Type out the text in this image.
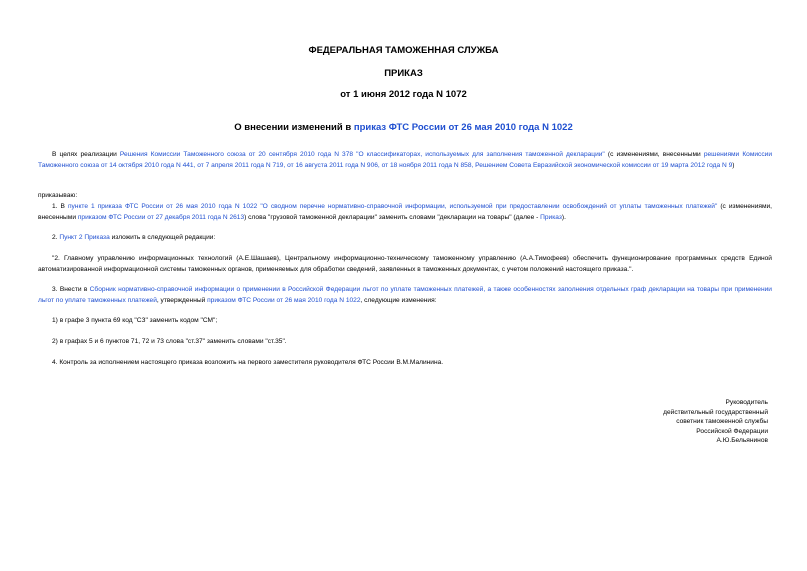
ФЕДЕРАЛЬНАЯ ТАМОЖЕННАЯ СЛУЖБА
ПРИКАЗ
от 1 июня 2012 года N 1072
О внесении изменений в приказ ФТС России от 26 мая 2010 года N 1022
В целях реализации Решения Комиссии Таможенного союза от 20 сентября 2010 года N 378 "О классификаторах, используемых для заполнения таможенной декларации" (с изменениями, внесенными решениями Комиссии Таможенного союза от 14 октября 2010 года N 441, от 7 апреля 2011 года N 719, от 16 августа 2011 года N 906, от 18 ноября 2011 года N 858, Решением Совета Евразийской экономической комиссии от 19 марта 2012 года N 9)
приказываю:
1. В пункте 1 приказа ФТС России от 26 мая 2010 года N 1022 "О сводном перечне нормативно-справочной информации, используемой при предоставлении освобождений от уплаты таможенных платежей" (с изменениями, внесенными приказом ФТС России от 27 декабря 2011 года N 2613) слова "грузовой таможенной декларации" заменить словами "декларации на товары" (далее - Приказ).
2. Пункт 2 Приказа изложить в следующей редакции:
"2. Главному управлению информационных технологий (А.Е.Шашаев), Центральному информационно-техническому таможенному управлению (А.А.Тимофеев) обеспечить функционирование программных средств Единой автоматизированной информационной системы таможенных органов, применяемых для обработки сведений, заявленных в таможенных документах, с учетом положений настоящего приказа.".
3. Внести в Сборник нормативно-справочной информации о применении в Российской Федерации льгот по уплате таможенных платежей, а также особенностях заполнения отдельных граф декларации на товары при применении льгот по уплате таможенных платежей, утвержденный приказом ФТС России от 26 мая 2010 года N 1022, следующие изменения:
1) в графе 3 пункта 69 код "СЗ" заменить кодом "СМ";
2) в графах 5 и 6 пунктов 71, 72 и 73 слова "ст.37" заменить словами "ст.35".
4. Контроль за исполнением настоящего приказа возложить на первого заместителя руководителя ФТС России В.М.Малинина.
Руководитель
действительный государственный
советник таможенной службы
Российской Федерации
А.Ю.Бельянинов
